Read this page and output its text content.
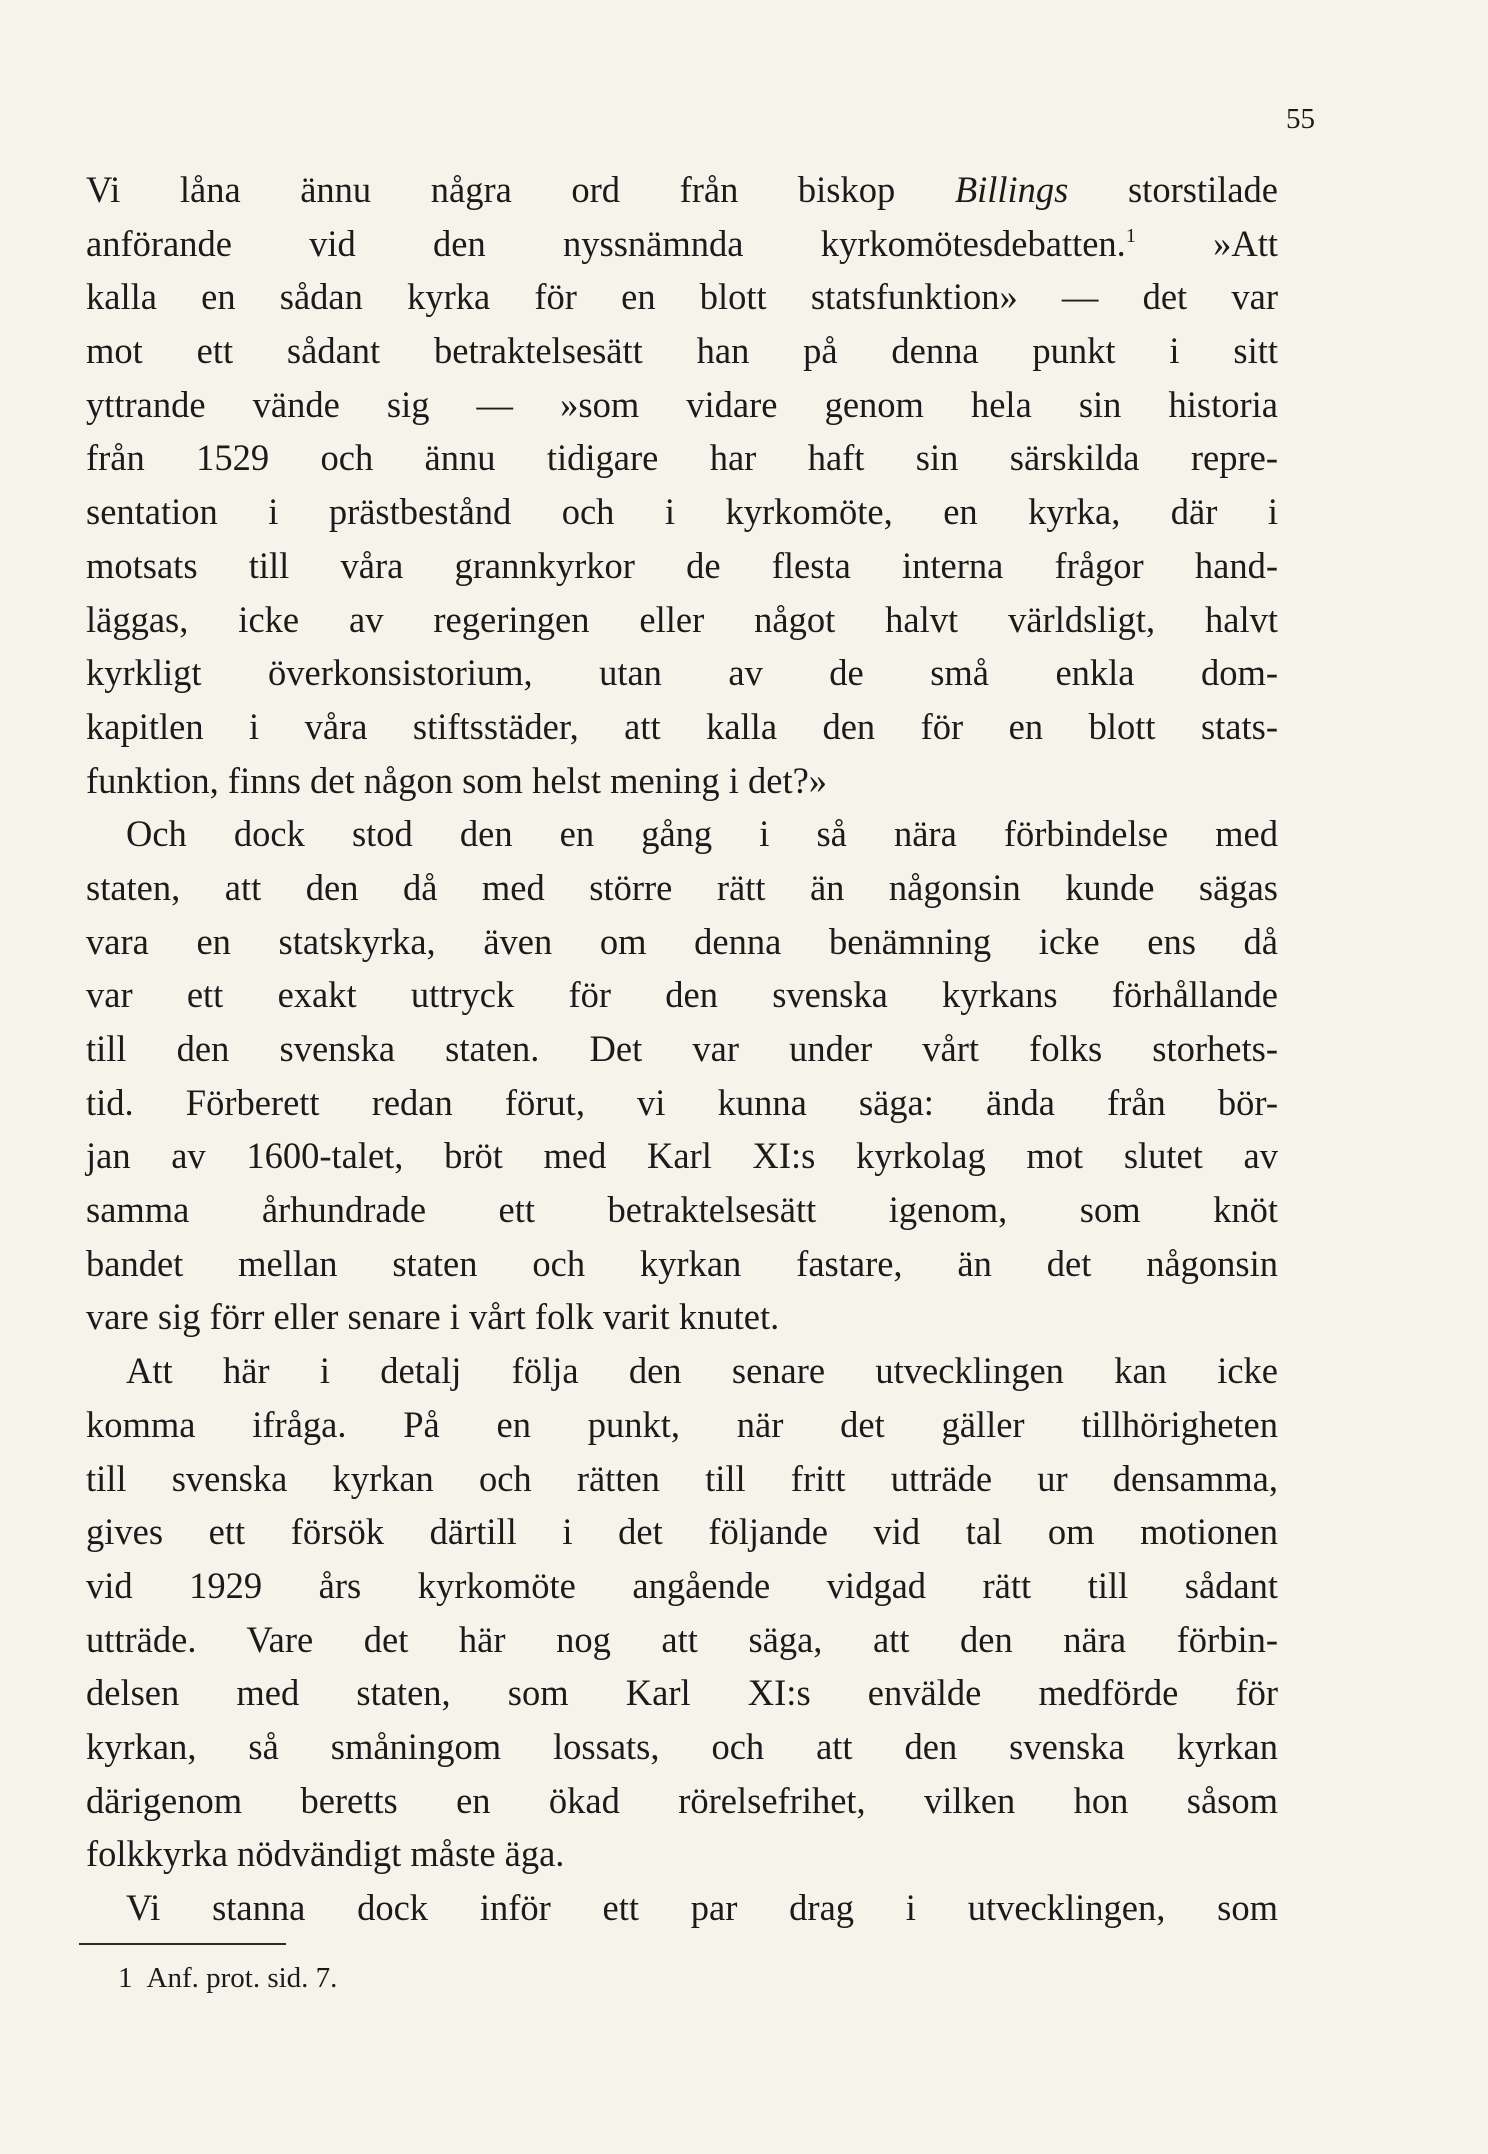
55
Vi låna ännu några ord från biskop Billings storstilade
anförande vid den nyssnämnda kyrkomötesdebatten.$^1$ »Att
kalla en sådan kyrka för en blott statsfunktion» — det var
mot ett sådant betraktelsesätt han på denna punkt i sitt
yttrande vände sig — »som vidare genom hela sin historia
från 1529 och ännu tidigare har haft sin särskilda repre-
sentation i prästbestånd och i kyrkomöte, en kyrka, där i
motsats till våra grannkyrkor de flesta interna frågor hand-
läggas, icke av regeringen eller något halvt världsligt, halvt
kyrkligt överkonsistorium, utan av de små enkla dom-
kapitlen i våra stiftsstäder, att kalla den för en blott stats-
funktion, finns det någon som helst mening i det?»
Och dock stod den en gång i så nära förbindelse med
staten, att den då med större rätt än någonsin kunde sägas
vara en statskyrka, även om denna benämning icke ens då
var ett exakt uttryck för den svenska kyrkans förhållande
till den svenska staten. Det var under vårt folks storhets-
tid. Förberett redan förut, vi kunna säga: ända från bör-
jan av 1600-talet, bröt med Karl XI:s kyrkolag mot slutet av
samma århundrade ett betraktelsesätt igenom, som knöt
bandet mellan staten och kyrkan fastare, än det någonsin
vare sig förr eller senare i vårt folk varit knutet.
Att här i detalj följa den senare utvecklingen kan icke
komma ifråga. På en punkt, när det gäller tillhörigheten
till svenska kyrkan och rätten till fritt utträde ur densamma,
gives ett försök därtill i det följande vid tal om motionen
vid 1929 års kyrkomöte angående vidgad rätt till sådant
utträde. Vare det här nog att säga, att den nära förbin-
delsen med staten, som Karl XI:s envälde medförde för
kyrkan, så småningom lossats, och att den svenska kyrkan
därigenom beretts en ökad rörelsefrihet, vilken hon såsom
folkkyrka nödvändigt måste äga.
Vi stanna dock inför ett par drag i utvecklingen, som
1 Anf. prot. sid. 7.
